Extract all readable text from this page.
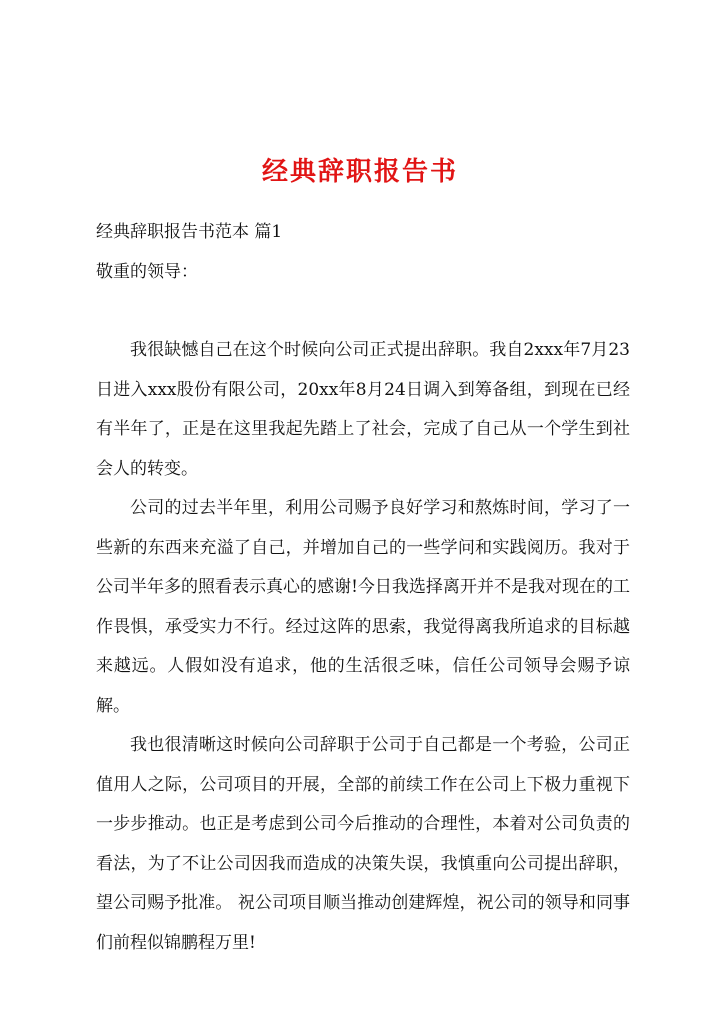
经典辞职报告书
经典辞职报告书范本 篇1
敬重的领导：

我很缺憾自己在这个时候向公司正式提出辞职。我自2xxx年7月23日进入xxx股份有限公司，20xx年8月24日调入到筹备组，到现在已经有半年了，正是在这里我起先踏上了社会，完成了自己从一个学生到社会人的转变。

公司的过去半年里，利用公司赐予良好学习和熬炼时间，学习了一些新的东西来充溢了自己，并增加自己的一些学问和实践阅历。我对于公司半年多的照看表示真心的感谢!今日我选择离开并不是我对现在的工作畏惧，承受实力不行。经过这阵的思索，我觉得离我所追求的目标越来越远。人假如没有追求，他的生活很乏味，信任公司领导会赐予谅解。

我也很清晰这时候向公司辞职于公司于自己都是一个考验，公司正值用人之际，公司项目的开展，全部的前续工作在公司上下极力重视下一步步推动。也正是考虑到公司今后推动的合理性，本着对公司负责的看法，为了不让公司因我而造成的决策失误，我慎重向公司提出辞职，望公司赐予批准。 祝公司项目顺当推动创建辉煌，祝公司的领导和同事们前程似锦鹏程万里!
